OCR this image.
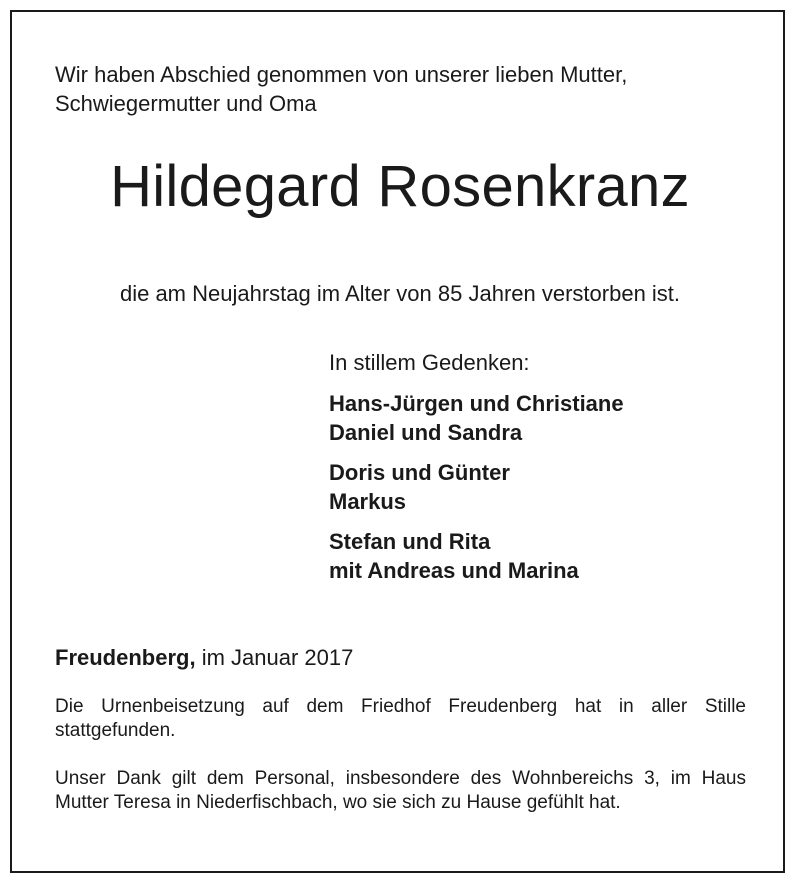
Wir haben Abschied genommen von unserer lieben Mutter,
Schwiegermutter und Oma

Hildegard Rosenkranz

die am Neujahrstag im Alter von 85 Jahren verstorben ist.

In stillem Gedenken:

Hans-Jürgen und Christiane
Daniel und Sandra
Doris und Günter
Markus
Stefan und Rita
mit Andreas und Marina

Freudenberg, im Januar 2017

Die Urnenbeisetzung auf dem Friedhof Freudenberg hat in aller Stille stattgefunden.

Unser Dank gilt dem Personal, insbesondere des Wohnbereichs 3, im Haus Mutter Teresa in Niederfischbach, wo sie sich zu Hause gefühlt hat.
